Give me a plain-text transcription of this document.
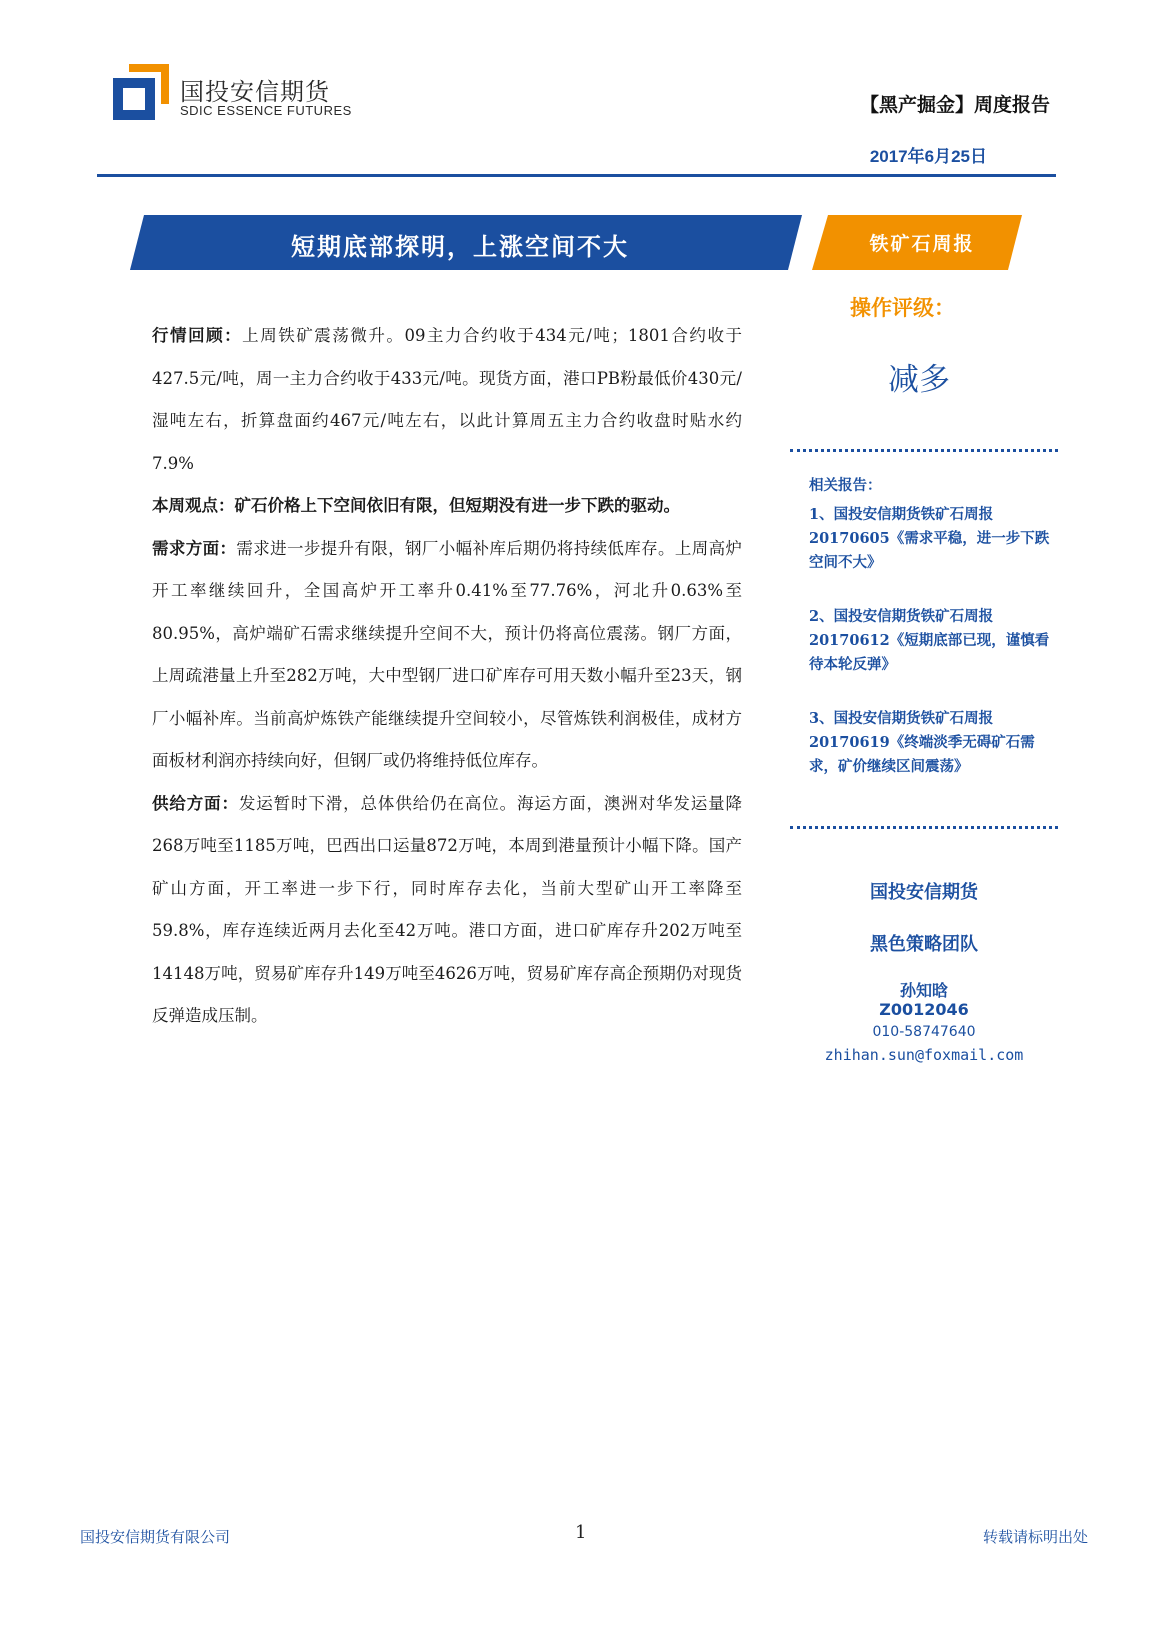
国投安信期货
SDIC ESSENCE FUTURES	【黑产掘金】周度报告
2017年6月25日
短期底部探明，上涨空间不大	铁矿石周报

行情回顾：上周铁矿震荡微升。09主力合约收于434元/吨；1801合约收于427.5元/吨，周一主力合约收于433元/吨。现货方面，港口PB粉最低价430元/湿吨左右，折算盘面约467元/吨左右，以此计算周五主力合约收盘时贴水约7.9%

本周观点：矿石价格上下空间依旧有限，但短期没有进一步下跌的驱动。

需求方面：需求进一步提升有限，钢厂小幅补库后期仍将持续低库存。上周高炉开工率继续回升，全国高炉开工率升0.41%至77.76%，河北升0.63%至80.95%，高炉端矿石需求继续提升空间不大，预计仍将高位震荡。钢厂方面，上周疏港量上升至282万吨，大中型钢厂进口矿库存可用天数小幅升至23天，钢厂小幅补库。当前高炉炼铁产能继续提升空间较小，尽管炼铁利润极佳，成材方面板材利润亦持续向好，但钢厂或仍将维持低位库存。

供给方面：发运暂时下滑，总体供给仍在高位。海运方面，澳洲对华发运量降268万吨至1185万吨，巴西出口运量872万吨，本周到港量预计小幅下降。国产矿山方面，开工率进一步下行，同时库存去化，当前大型矿山开工率降至59.8%，库存连续近两月去化至42万吨。港口方面，进口矿库存升202万吨至14148万吨，贸易矿库存升149万吨至4626万吨，贸易矿库存高企预期仍对现货反弹造成压制。

操作评级：
减多

相关报告：

1、国投安信期货铁矿石周报20170605《需求平稳，进一步下跌空间不大》

2、国投安信期货铁矿石周报20170612《短期底部已现，谨慎看待本轮反弹》

3、国投安信期货铁矿石周报20170619《终端淡季无碍矿石需求，矿价继续区间震荡》

国投安信期货
黑色策略团队
孙知晗
Z0012046
010-58747640
zhihan.sun@foxmail.com
国投安信期货有限公司	1	转载请标明出处
